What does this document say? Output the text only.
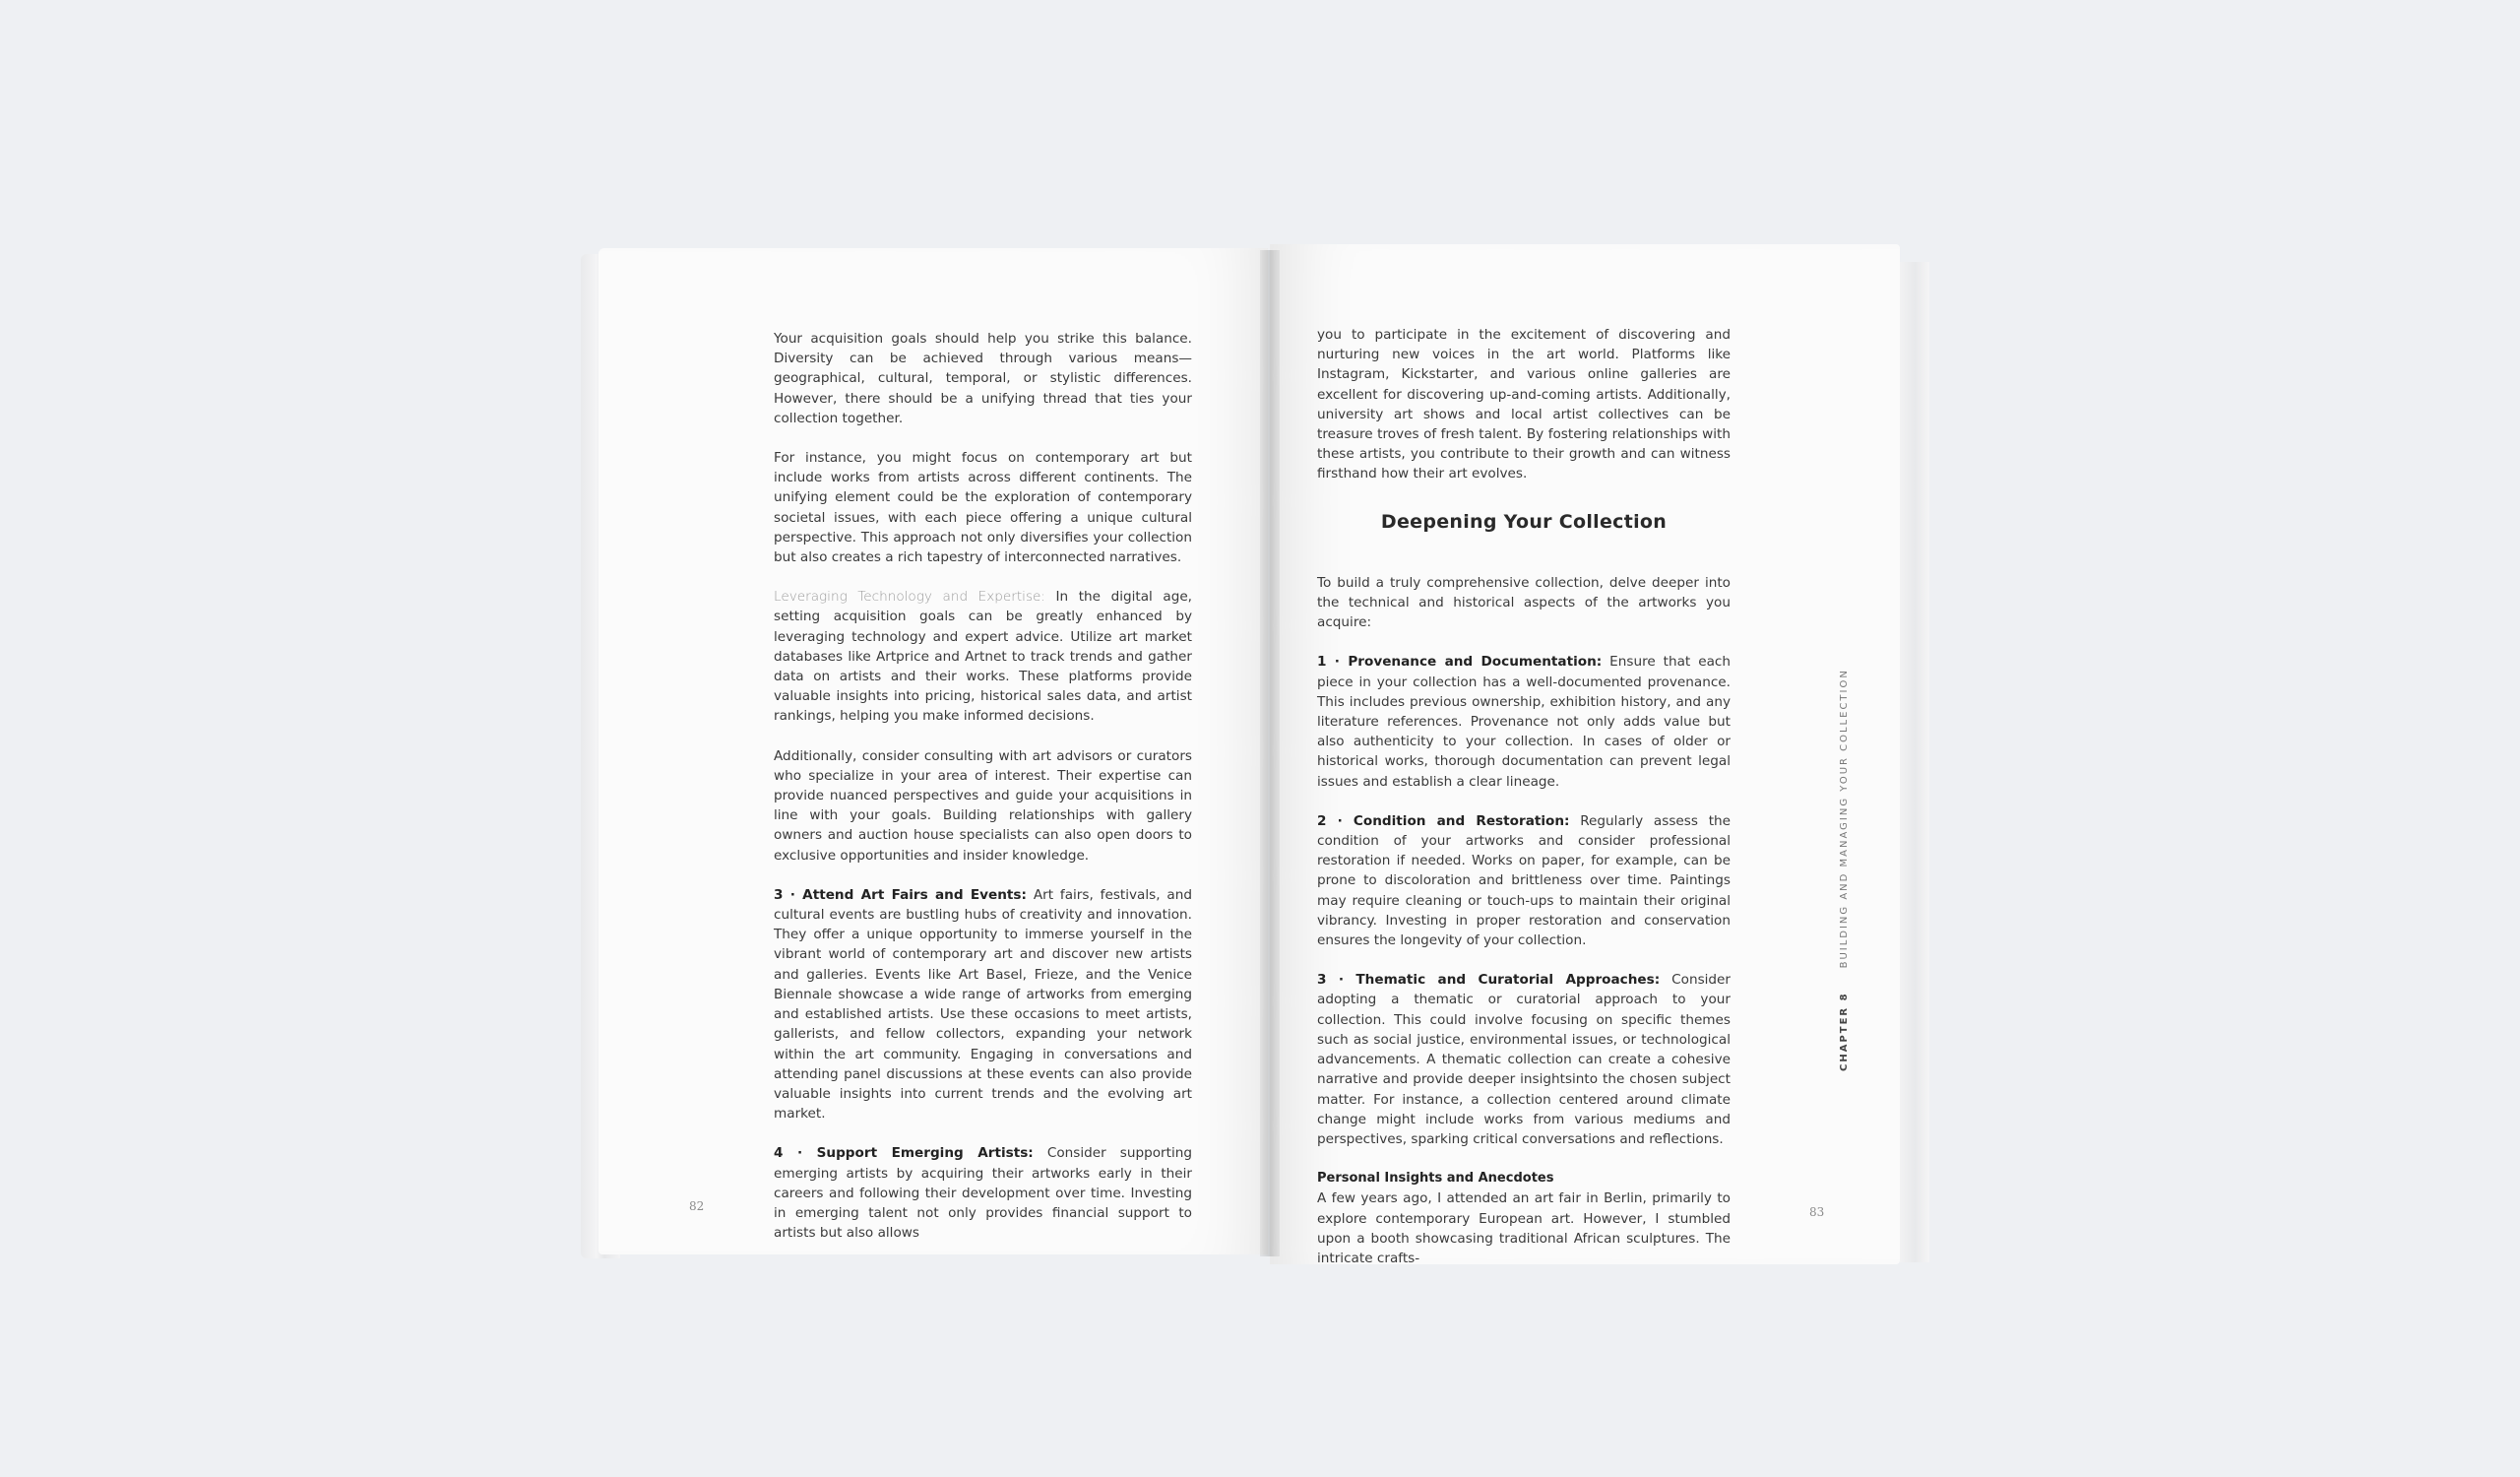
Your acquisition goals should help you strike this balance. Diversity can be achieved through various means—geographical, cultural, temporal, or stylistic differences. However, there should be a unifying thread that ties your collection together.

For instance, you might focus on contemporary art but include works from artists across different continents. The unifying element could be the exploration of contemporary societal issues, with each piece offering a unique cultural perspective. This approach not only diversifies your collection but also creates a rich tapestry of interconnected narratives.

Leveraging Technology and Expertise: In the digital age, setting acquisition goals can be greatly enhanced by leveraging technology and expert advice. Utilize art market databases like Artprice and Artnet to track trends and gather data on artists and their works. These platforms provide valuable insights into pricing, historical sales data, and artist rankings, helping you make informed decisions.

Additionally, consider consulting with art advisors or curators who specialize in your area of interest. Their expertise can provide nuanced perspectives and guide your acquisitions in line with your goals. Building relationships with gallery owners and auction house specialists can also open doors to exclusive opportunities and insider knowledge.

3 · Attend Art Fairs and Events: Art fairs, festivals, and cultural events are bustling hubs of creativity and innovation. They offer a unique opportunity to immerse yourself in the vibrant world of contemporary art and discover new artists and galleries. Events like Art Basel, Frieze, and the Venice Biennale showcase a wide range of artworks from emerging and established artists. Use these occasions to meet artists, gallerists, and fellow collectors, expanding your network within the art community. Engaging in conversations and attending panel discussions at these events can also provide valuable insights into current trends and the evolving art market.

4 · Support Emerging Artists: Consider supporting emerging artists by acquiring their artworks early in their careers and following their development over time. Investing in emerging talent not only provides financial support to artists but also allows

82

you to participate in the excitement of discovering and nurturing new voices in the art world. Platforms like Instagram, Kickstarter, and various online galleries are excellent for discovering up-and-coming artists. Additionally, university art shows and local artist collectives can be treasure troves of fresh talent. By fostering relationships with these artists, you contribute to their growth and can witness firsthand how their art evolves.

Deepening Your Collection

To build a truly comprehensive collection, delve deeper into the technical and historical aspects of the artworks you acquire:

1 · Provenance and Documentation: Ensure that each piece in your collection has a well-documented provenance. This includes previous ownership, exhibition history, and any literature references. Provenance not only adds value but also authenticity to your collection. In cases of older or historical works, thorough documentation can prevent legal issues and establish a clear lineage.

2 · Condition and Restoration: Regularly assess the condition of your artworks and consider professional restoration if needed. Works on paper, for example, can be prone to discoloration and brittleness over time. Paintings may require cleaning or touch-ups to maintain their original vibrancy. Investing in proper restoration and conservation ensures the longevity of your collection.

3 · Thematic and Curatorial Approaches: Consider adopting a thematic or curatorial approach to your collection. This could involve focusing on specific themes such as social justice, environmental issues, or technological advancements. A thematic collection can create a cohesive narrative and provide deeper insightsinto the chosen subject matter. For instance, a collection centered around climate change might include works from various mediums and perspectives, sparking critical conversations and reflections.

Personal Insights and Anecdotes

A few years ago, I attended an art fair in Berlin, primarily to explore contemporary European art. However, I stumbled upon a booth showcasing traditional African sculptures. The intricate crafts-

CHAPTER 8BUILDING AND MANAGING YOUR COLLECTION
83
